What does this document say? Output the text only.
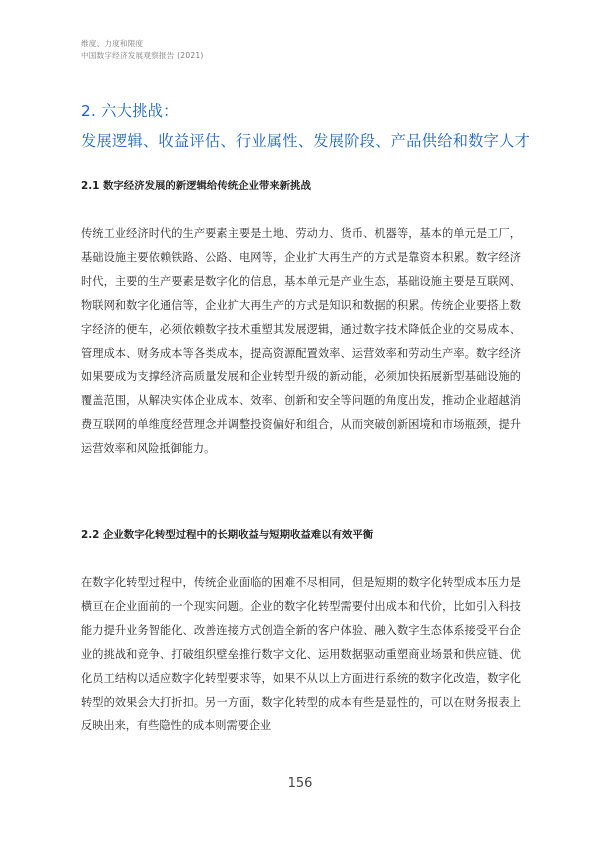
维度、力度和限度
中国数字经济发展观察报告 (2021)
2. 六大挑战：
发展逻辑、收益评估、行业属性、发展阶段、产品供给和数字人才
2.1 数字经济发展的新逻辑给传统企业带来新挑战
传统工业经济时代的生产要素主要是土地、劳动力、货币、机器等，基本的单元是工厂，基础设施主要依赖铁路、公路、电网等，企业扩大再生产的方式是靠资本积累。数字经济时代，主要的生产要素是数字化的信息，基本单元是产业生态，基础设施主要是互联网、物联网和数字化通信等，企业扩大再生产的方式是知识和数据的积累。传统企业要搭上数字经济的便车，必须依赖数字技术重塑其发展逻辑，通过数字技术降低企业的交易成本、管理成本、财务成本等各类成本，提高资源配置效率、运营效率和劳动生产率。数字经济如果要成为支撑经济高质量发展和企业转型升级的新动能，必须加快拓展新型基础设施的覆盖范围，从解决实体企业成本、效率、创新和安全等问题的角度出发，推动企业超越消费互联网的单维度经营理念并调整投资偏好和组合，从而突破创新困境和市场瓶颈，提升运营效率和风险抵御能力。
2.2 企业数字化转型过程中的长期收益与短期收益难以有效平衡
在数字化转型过程中，传统企业面临的困难不尽相同，但是短期的数字化转型成本压力是横亘在企业面前的一个现实问题。企业的数字化转型需要付出成本和代价，比如引入科技能力提升业务智能化、改善连接方式创造全新的客户体验、融入数字生态体系接受平台企业的挑战和竞争、打破组织壁垒推行数字文化、运用数据驱动重塑商业场景和供应链、优化员工结构以适应数字化转型要求等，如果不从以上方面进行系统的数字化改造，数字化转型的效果会大打折扣。另一方面，数字化转型的成本有些是显性的，可以在财务报表上反映出来，有些隐性的成本则需要企业
156
